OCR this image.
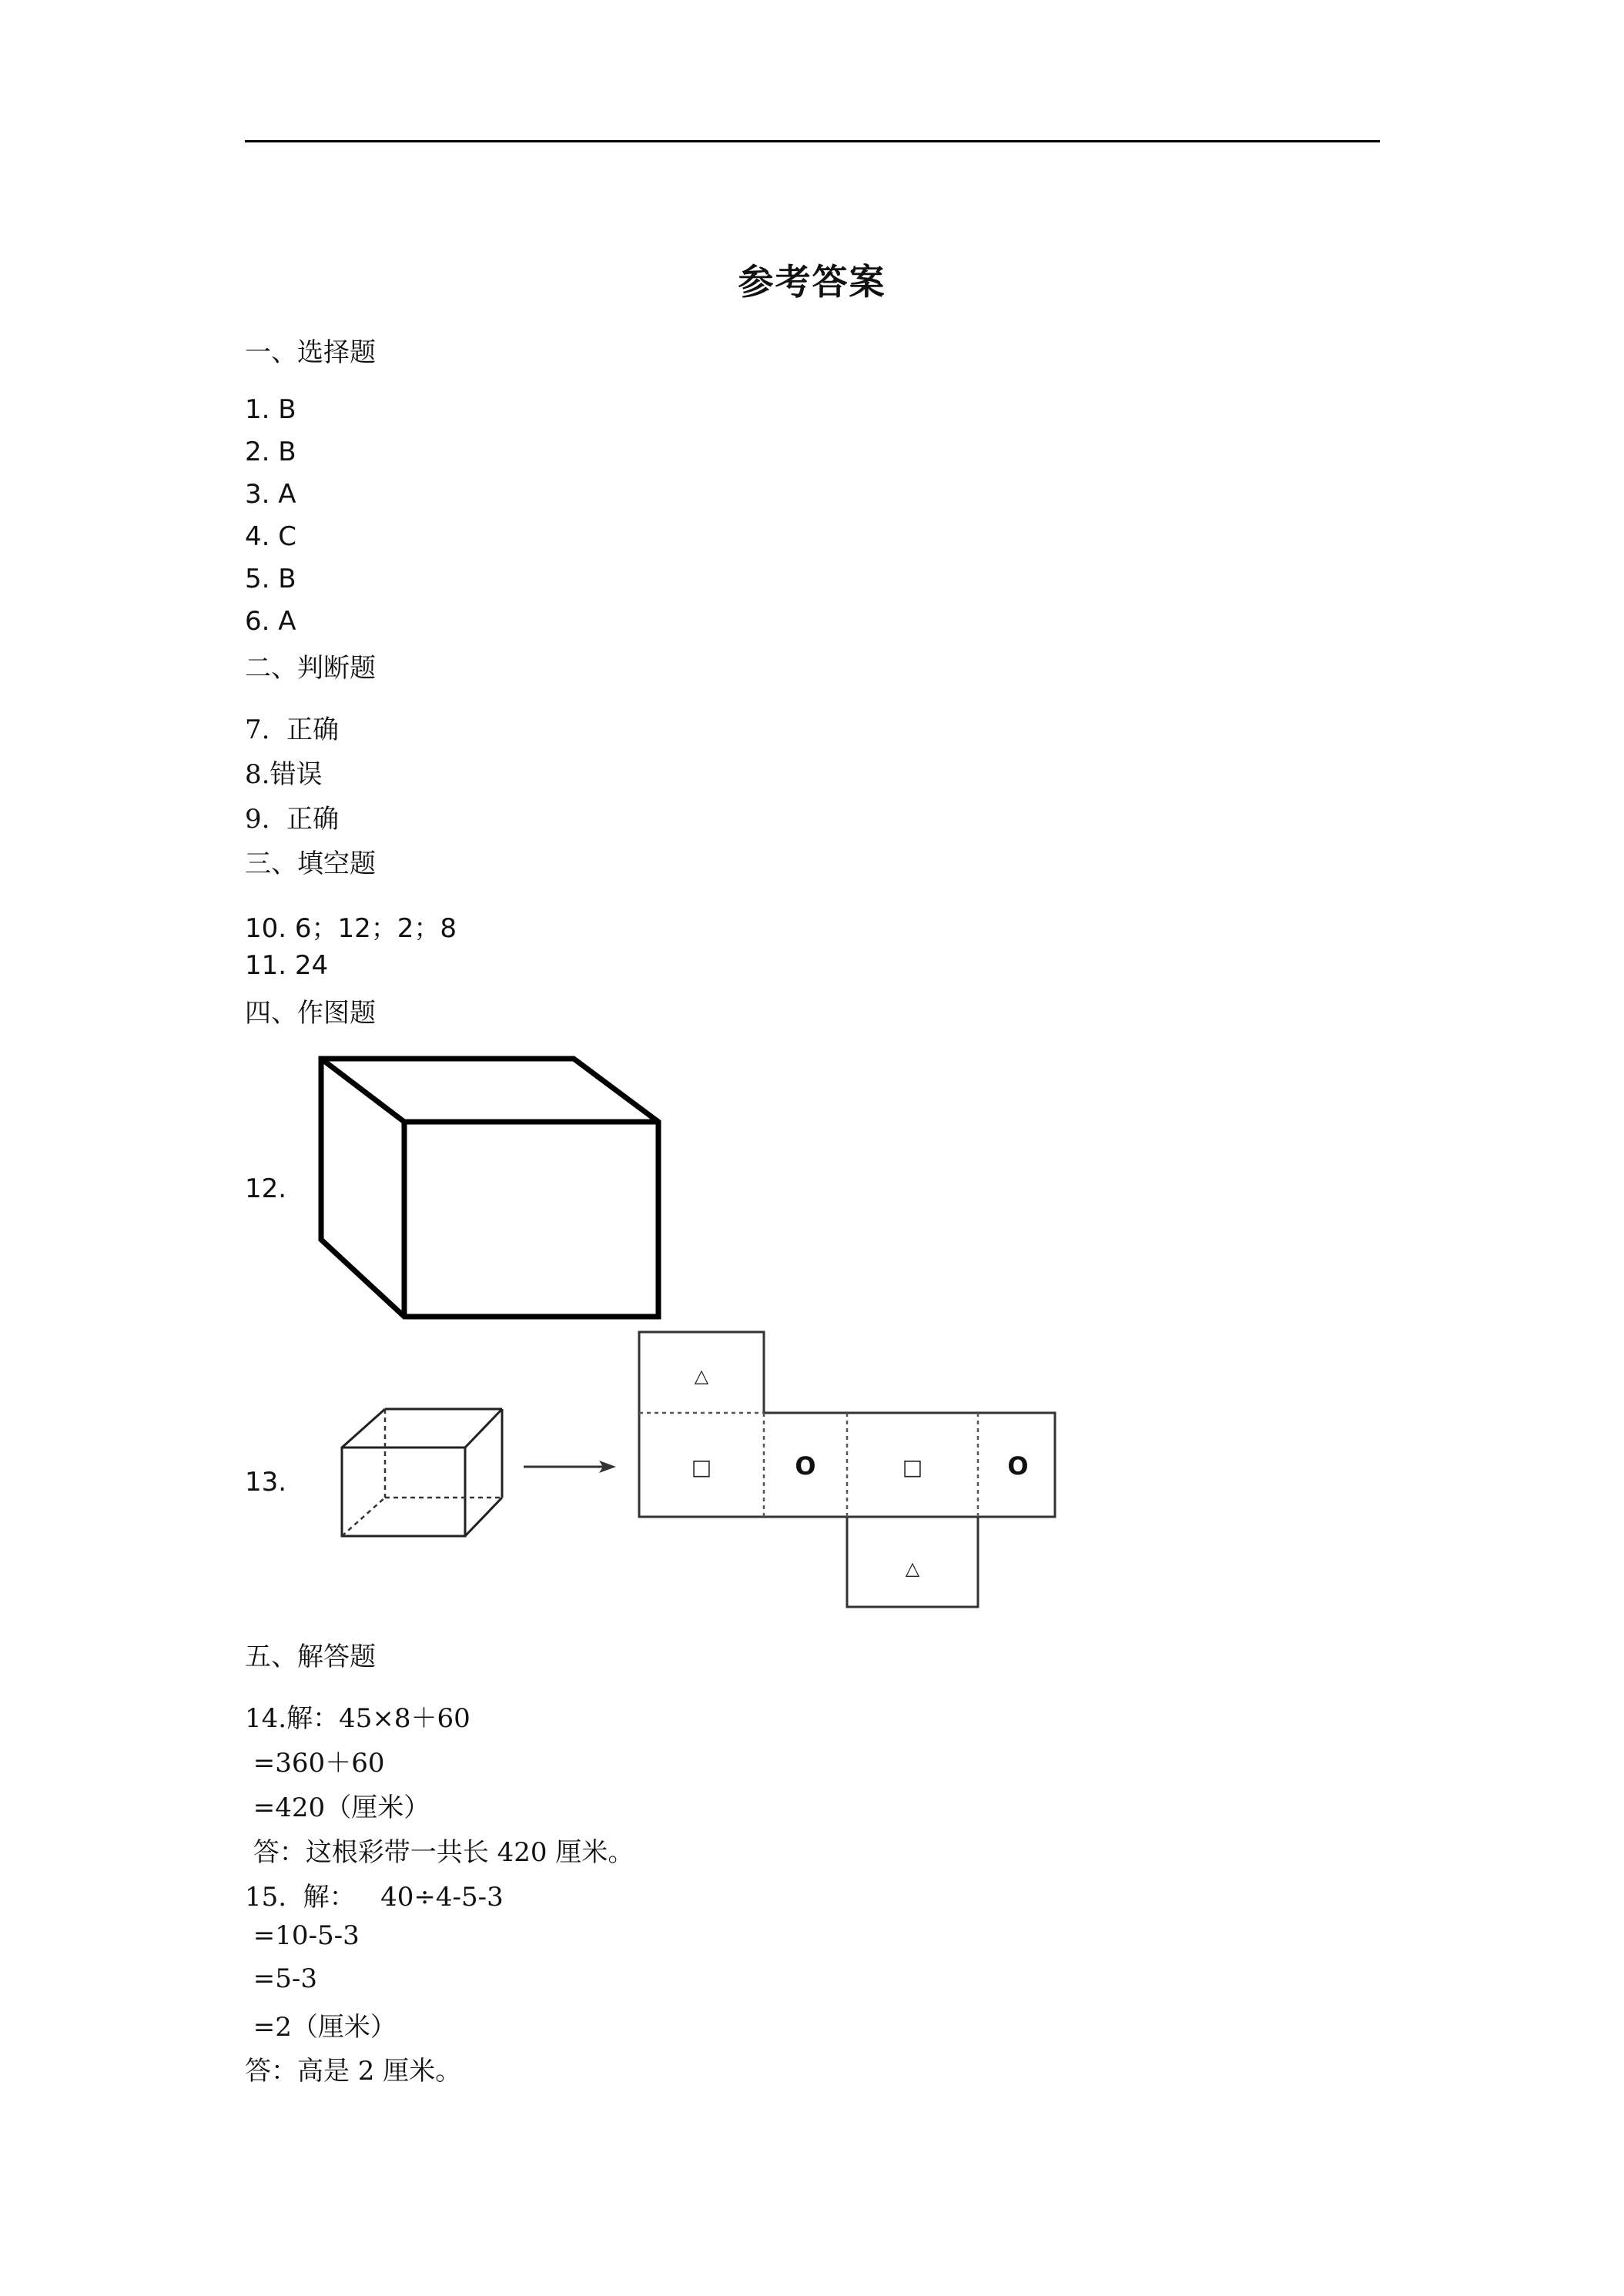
参考答案
一、选择题
1. B
2. B
3. A
4. C
5. B
6. A
二、判断题
7.  正确
8.错误
9.  正确
三、填空题
10. 6；12；2；8
11. 24
四、作图题
12.
13.
△
□	O	□	O
△
五、解答题
14.解：45×8＋60
=360＋60
=420（厘米）
答：这根彩带一共长 420 厘米。
15.  解：   40÷4-5-3
=10-5-3
=5-3
=2（厘米）
答：高是 2 厘米。
